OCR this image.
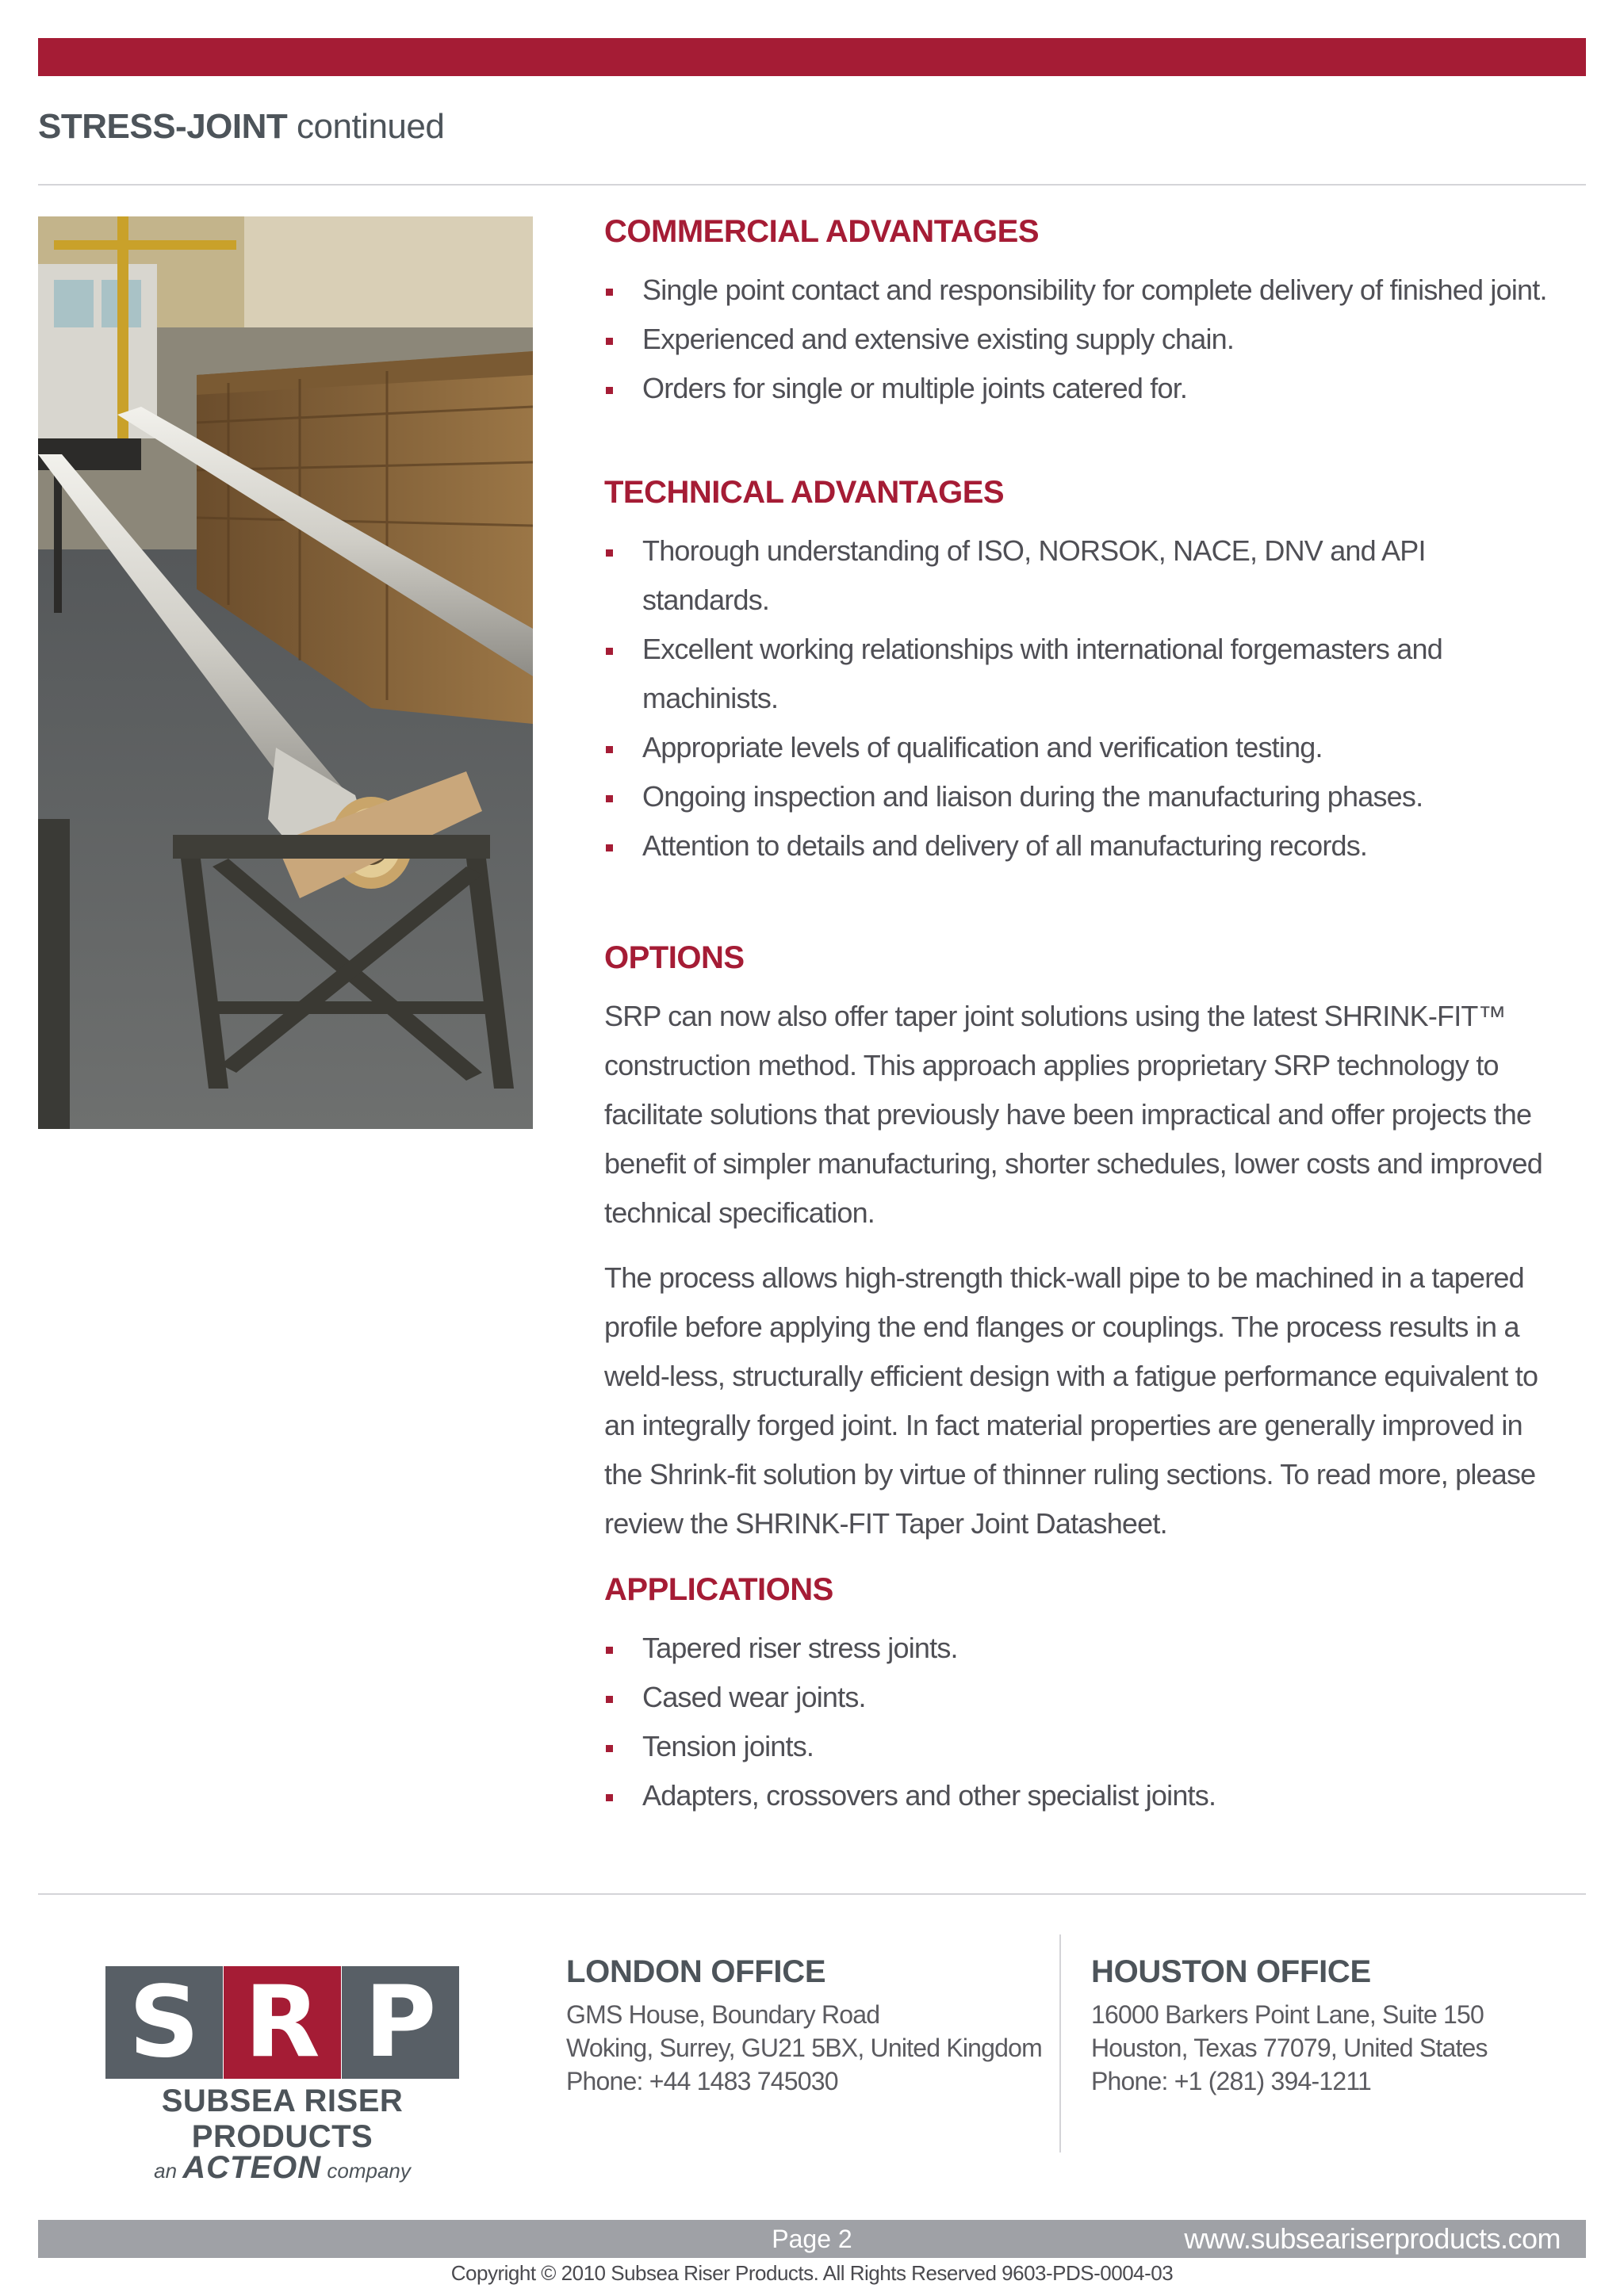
STRESS-JOINT continued
COMMERCIAL ADVANTAGES
Single point contact and responsibility for complete delivery of finished joint.
Experienced and extensive existing supply chain.
Orders for single or multiple joints catered for.
TECHNICAL ADVANTAGES
Thorough understanding of ISO, NORSOK, NACE, DNV and API standards.
Excellent working relationships with international forgemasters and machinists.
Appropriate levels of qualification and verification testing.
Ongoing inspection and liaison during the manufacturing phases.
Attention to details and delivery of all manufacturing records.
OPTIONS

SRP can now also offer taper joint solutions using the latest SHRINK-FIT™ construction method. This approach applies proprietary SRP technology to facilitate solutions that previously have been impractical and offer projects the benefit of simpler manufacturing, shorter schedules, lower costs and improved technical specification.

The process allows high-strength thick-wall pipe to be machined in a tapered profile before applying the end flanges or couplings. The process results in a weld-less, structurally efficient design with a fatigue performance equivalent to an integrally forged joint. In fact material properties are generally improved in the Shrink-fit solution by virtue of thinner ruling sections. To read more, please review the SHRINK-FIT Taper Joint Datasheet.

APPLICATIONS
Tapered riser stress joints.
Cased wear joints.
Tension joints.
Adapters, crossovers and other specialist joints.
S R P
SUBSEA RISER PRODUCTS
an ACTEON company
LONDON OFFICE
GMS House, Boundary Road
Woking, Surrey, GU21 5BX, United Kingdom
Phone: +44 1483 745030
HOUSTON OFFICE
16000 Barkers Point Lane, Suite 150
Houston, Texas 77079, United States
Phone: +1 (281) 394-1211
Page 2	www.subseariserproducts.com
Copyright © 2010 Subsea Riser Products. All Rights Reserved 9603-PDS-0004-03
